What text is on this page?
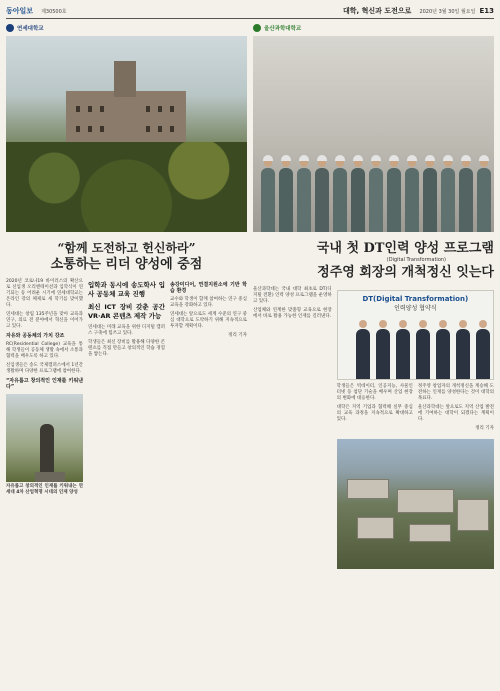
동아일보 제30500호	대학, 혁신과 도전으로 2020년 3월 30일 월요일 E13
연세대학교
“함께 도전하고 헌신하라”
소통하는 리더 양성에 중점

2020년 코로나19 바이러스의 확산으로 신입생 오리엔테이션과 입학식이 연기되는 등 어려운 시기에 연세대학교는 온라인 강의 체제로 새 학기를 맞이했다.

연세대는 창립 135주년을 맞아 교육과 연구, 의료 전 분야에서 혁신을 이어가고 있다.

자유와 공동체의 가치 강조

RC(Residential College) 교육을 통해 학생들이 공동체 생활 속에서 소통과 협력을 배우도록 하고 있다.

신입생들은 송도 국제캠퍼스에서 1년간 생활하며 다양한 프로그램에 참여한다.

“자유롭고 창의적인 인재를 키워낸다”
자유롭고 창의적인 인재를 키워내는 연세대 4차 산업혁명 시대의 인재 양성
입학과 동시에 송도학사 입사 공동체 교육 진행
최신 ICT 장비 갖춘 공간 VR·AR 콘텐츠 제작 가능

연세대는 미래 교육을 위한 디지털 캠퍼스 구축에 힘쓰고 있다.

학생들은 최신 장비를 활용해 다양한 콘텐츠를 직접 만들고 창의적인 학습 경험을 쌓는다.

송강미디어, 연결지원소에 기반 학습 환경

교수와 학생이 함께 참여하는 연구 중심 교육을 강화하고 있다.

연세대는 앞으로도 세계 수준의 연구 중심 대학으로 도약하기 위해 지속적으로 투자할 계획이다.

정리 기자

울산과학대학교
국내 첫 DT인력 양성 프로그램
(Digital Transformation)
정주영 회장의 개척정신 잇는다

울산과학대는 국내 대학 최초로 DT(디지털 전환) 인력 양성 프로그램을 운영하고 있다.

산업체와 연계한 맞춤형 교육으로 현장에서 바로 활용 가능한 인재를 길러낸다.

DT(Digital Transformation)
인력양성 협약식

학생들은 빅데이터, 인공지능, 사물인터넷 등 첨단 기술을 배우며 산업 현장의 변화에 대응한다.

대학은 지역 기업과 협력해 실무 중심의 교육 과정을 지속적으로 확대하고 있다.

정주영 창업자의 개척정신을 계승해 도전하는 인재를 양성한다는 것이 대학의 목표다.

울산과학대는 앞으로도 지역 산업 발전에 기여하는 대학이 되겠다는 계획이다.

정리 기자
